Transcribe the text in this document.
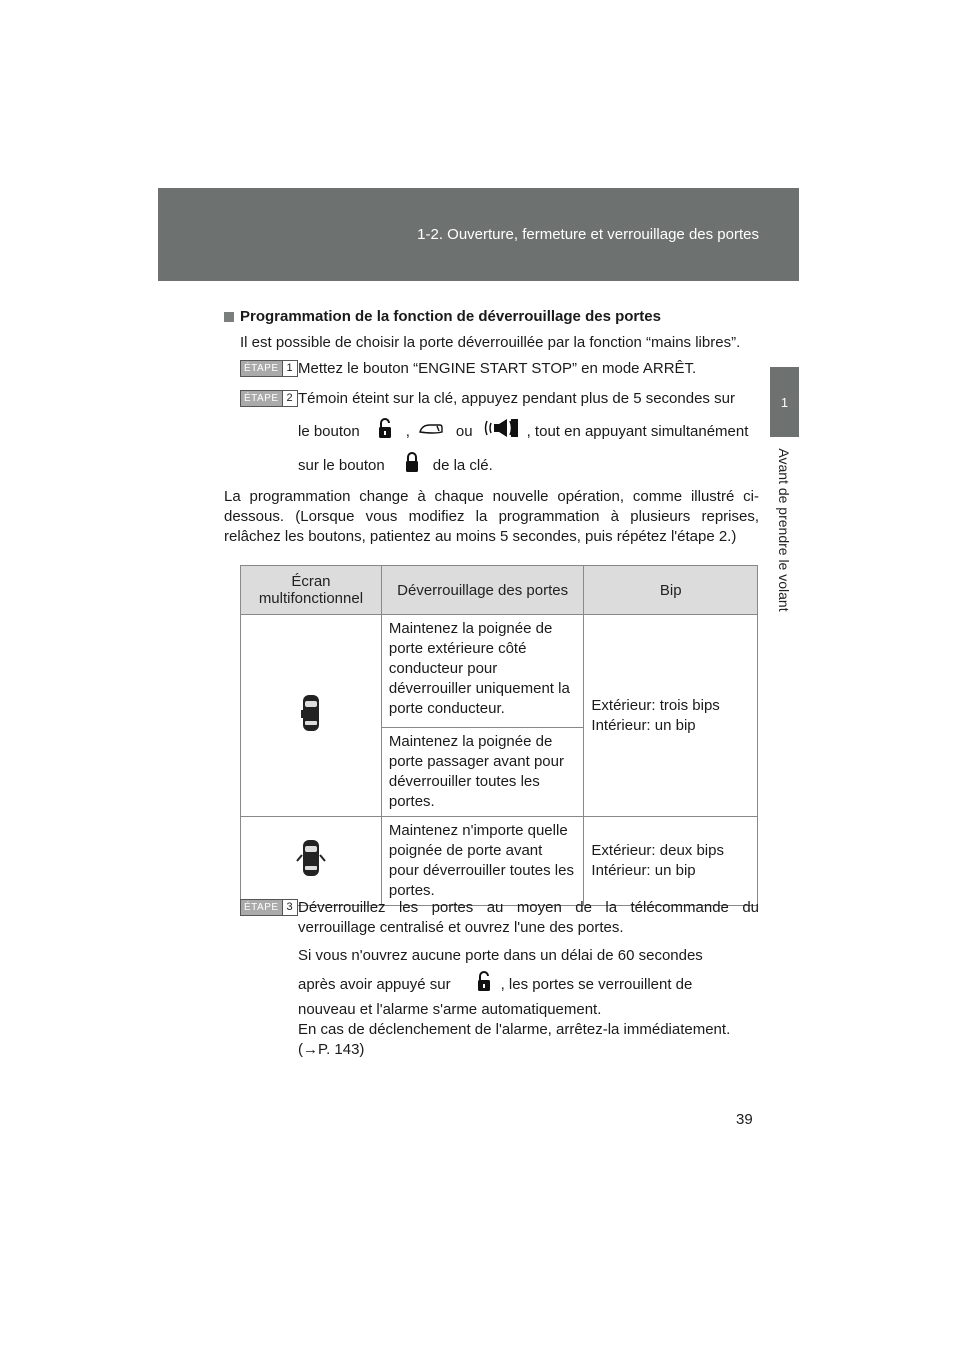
1-2. Ouverture, fermeture et verrouillage des portes
1
Avant de prendre le volant
Programmation de la fonction de déverrouillage des portes

Il est possible de choisir la porte déverrouillée par la fonction “mains libres”.

ÉTAPE 1 Mettez le bouton “ENGINE START STOP” en mode ARRÊT.
ÉTAPE 2 Témoin éteint sur la clé, appuyez pendant plus de 5 secondes sur

le bouton	,	ou	, tout en appuyant simultanément
sur le bouton	de la clé.

La programmation change à chaque nouvelle opération, comme illustré ci-dessous. (Lorsque vous modifiez la programmation à plusieurs reprises, relâchez les boutons, patientez au moins 5 secondes, puis répétez l'étape 2.)

Écran multifonctionnel	Déverrouillage des portes	Bip
	Maintenez la poignée de porte extérieure côté conducteur pour déverrouiller uniquement la porte conducteur.	Extérieur: trois bips
Intérieur: un bip
	Maintenez la poignée de porte passager avant pour déverrouiller toutes les portes.	
	Maintenez n'importe quelle poignée de porte avant pour déverrouiller toutes les portes.	Extérieur: deux bips
Intérieur: un bip
ÉTAPE 3 Déverrouillez les portes au moyen de la télécommande du verrouillage centralisé et ouvrez l'une des portes.

Si vous n'ouvrez aucune porte dans un délai de 60 secondes

après avoir appuyé sur	, les portes se verrouillent de

nouveau et l'alarme s'arme automatiquement.

En cas de déclenchement de l'alarme, arrêtez-la immédiatement.

(→P. 143)

39
